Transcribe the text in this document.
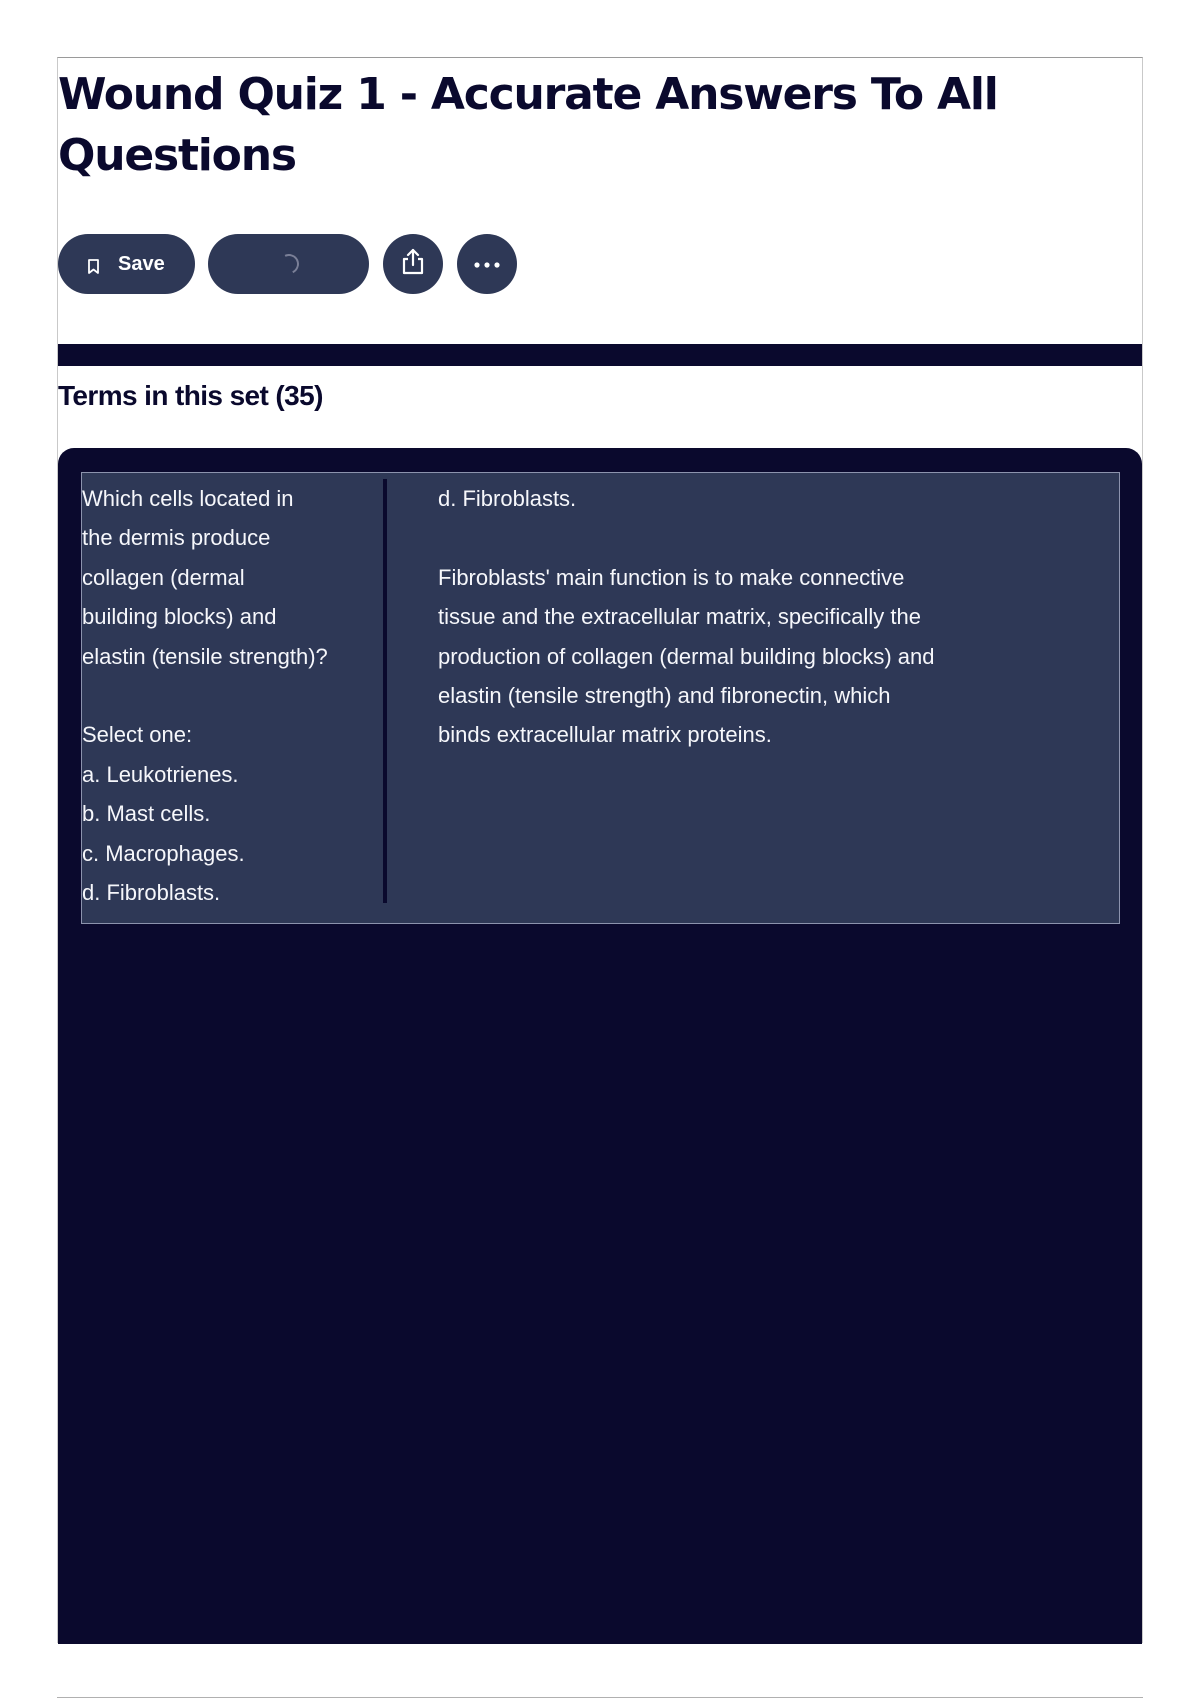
Wound Quiz 1 - Accurate Answers To All Questions
Save
Terms in this set (35)
Which cells located in
the dermis produce
collagen (dermal
building blocks) and
elastin (tensile strength)?
Select one:
a. Leukotrienes.
b. Mast cells.
c. Macrophages.
d. Fibroblasts.
d. Fibroblasts.
Fibroblasts' main function is to make connective
tissue and the extracellular matrix, specifically the
production of collagen (dermal building blocks) and
elastin (tensile strength) and fibronectin, which
binds extracellular matrix proteins.
